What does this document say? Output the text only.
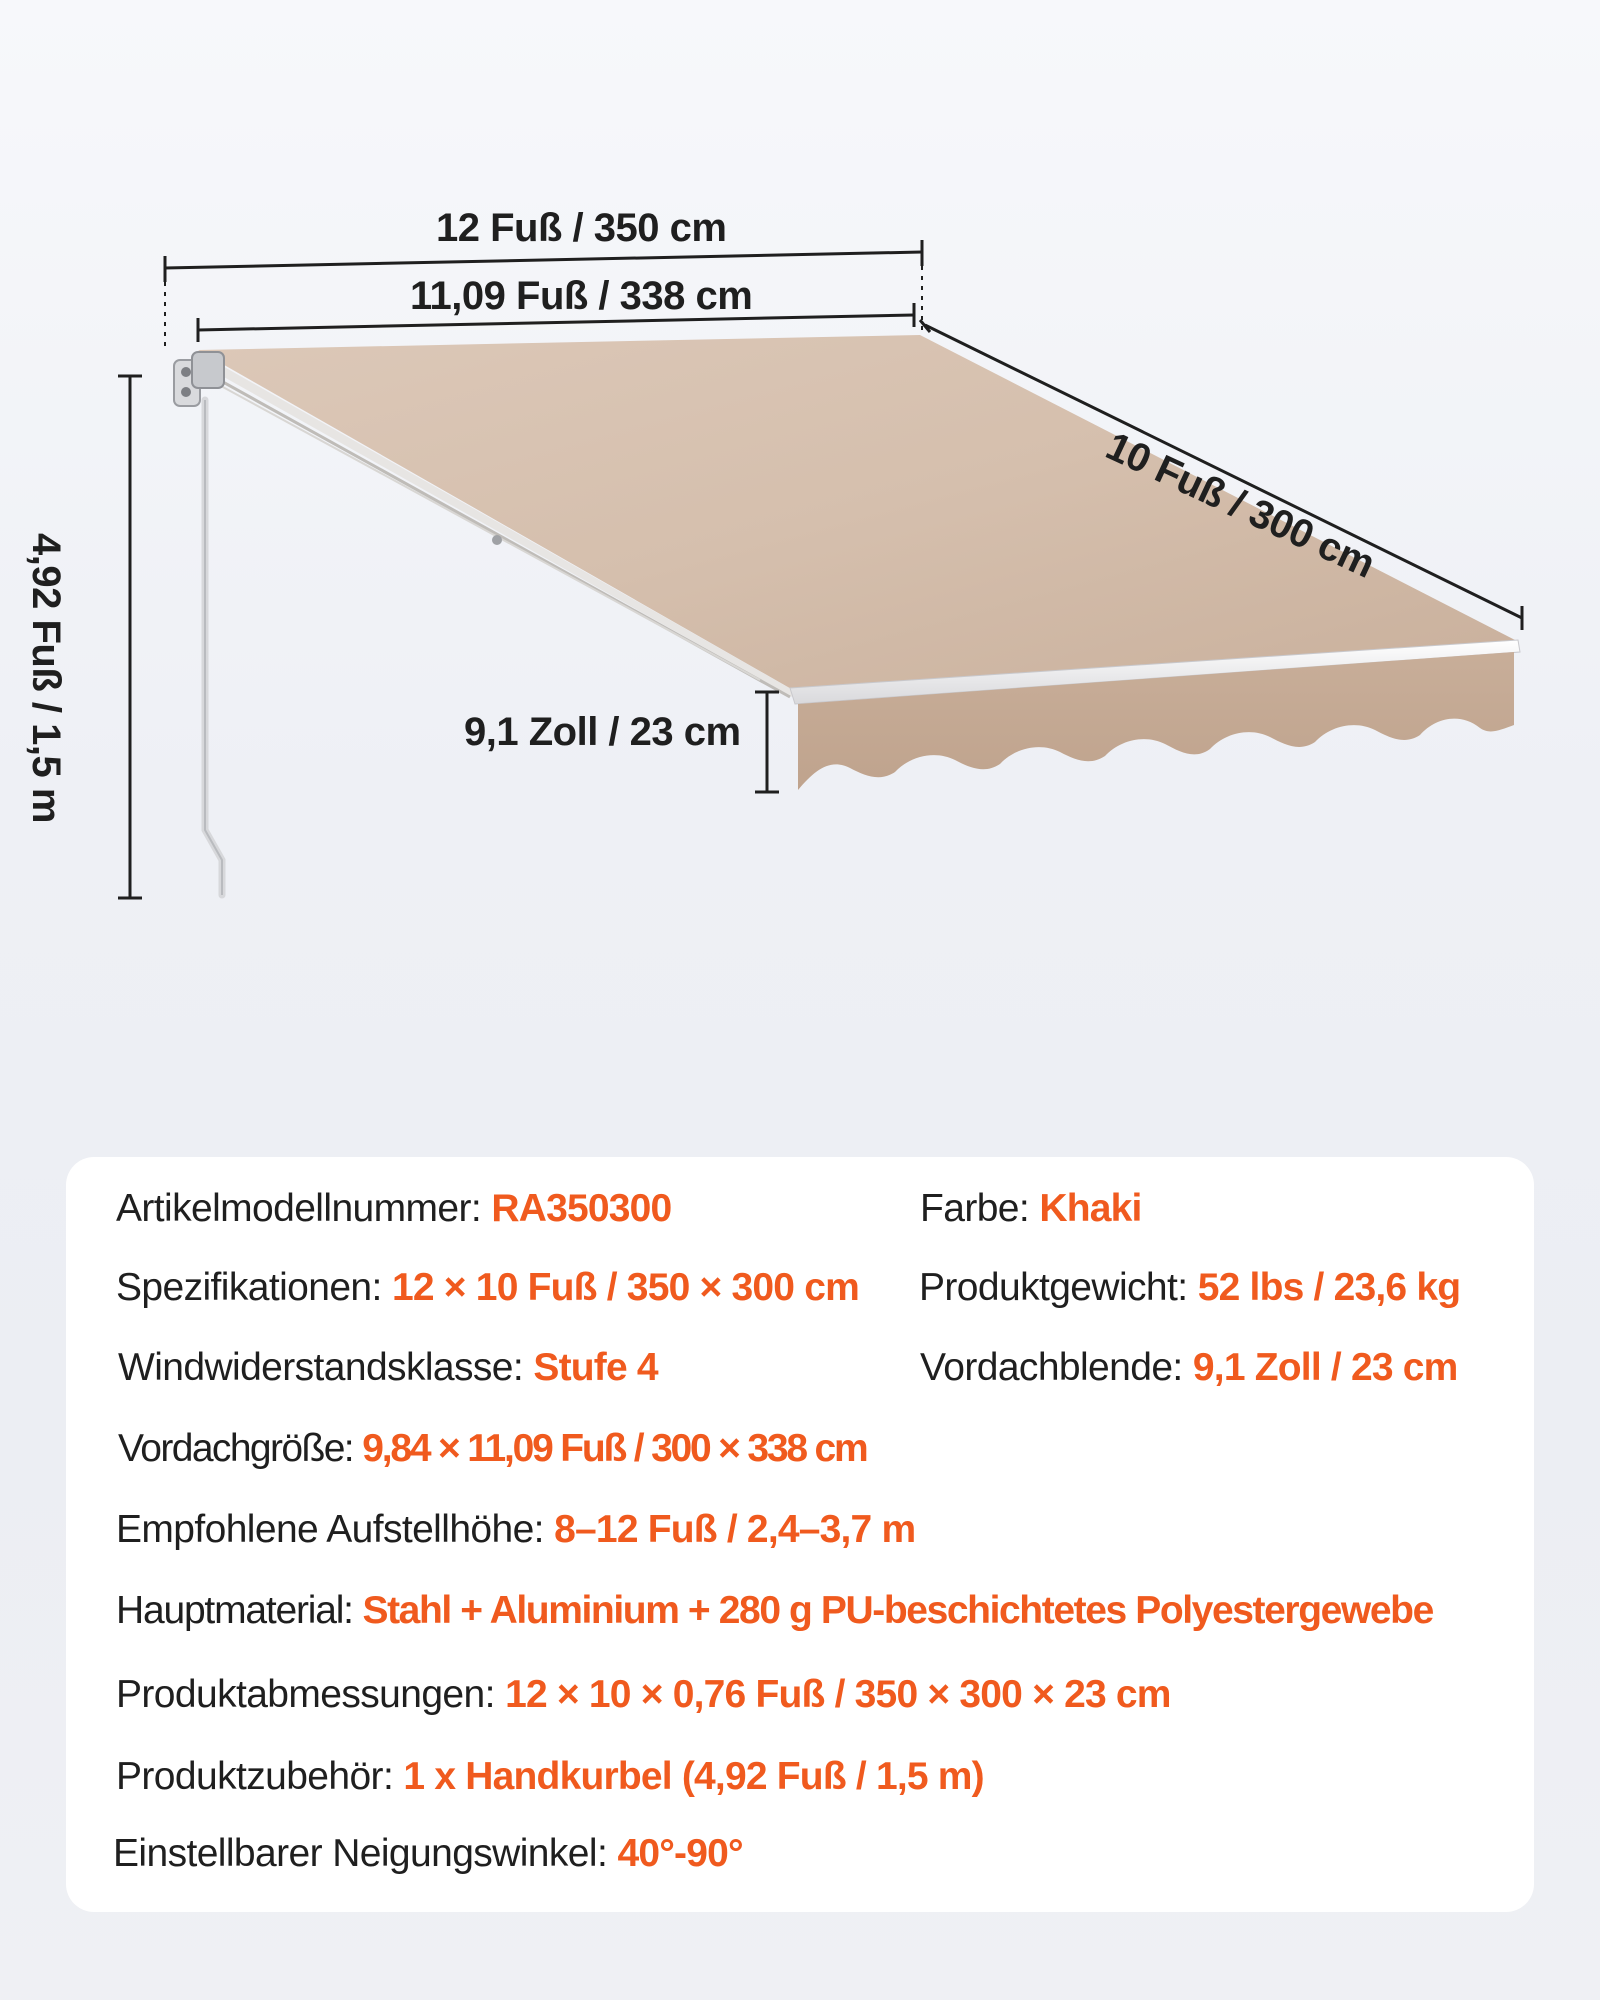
12 Fuß / 350 cm
11,09 Fuß / 338 cm
10 Fuß / 300 cm
9,1 Zoll / 23 cm
4,92 Fuß / 1,5 m
Artikelmodellnummer: RA350300	Farbe: Khaki
Spezifikationen: 12 × 10 Fuß / 350 × 300 cm Produktgewicht: 52 lbs / 23,6 kg
Windwiderstandsklasse: Stufe 4	Vordachblende: 9,1 Zoll / 23 cm
Vordachgröße: 9,84 × 11,09 Fuß / 300 × 338 cm
Empfohlene Aufstellhöhe: 8–12 Fuß / 2,4–3,7 m
Hauptmaterial: Stahl + Aluminium + 280 g PU-beschichtetes Polyestergewebe
Produktabmessungen: 12 × 10 × 0,76 Fuß / 350 × 300 × 23 cm
Produktzubehör: 1 x Handkurbel (4,92 Fuß / 1,5 m)
Einstellbarer Neigungswinkel: 40°-90°
